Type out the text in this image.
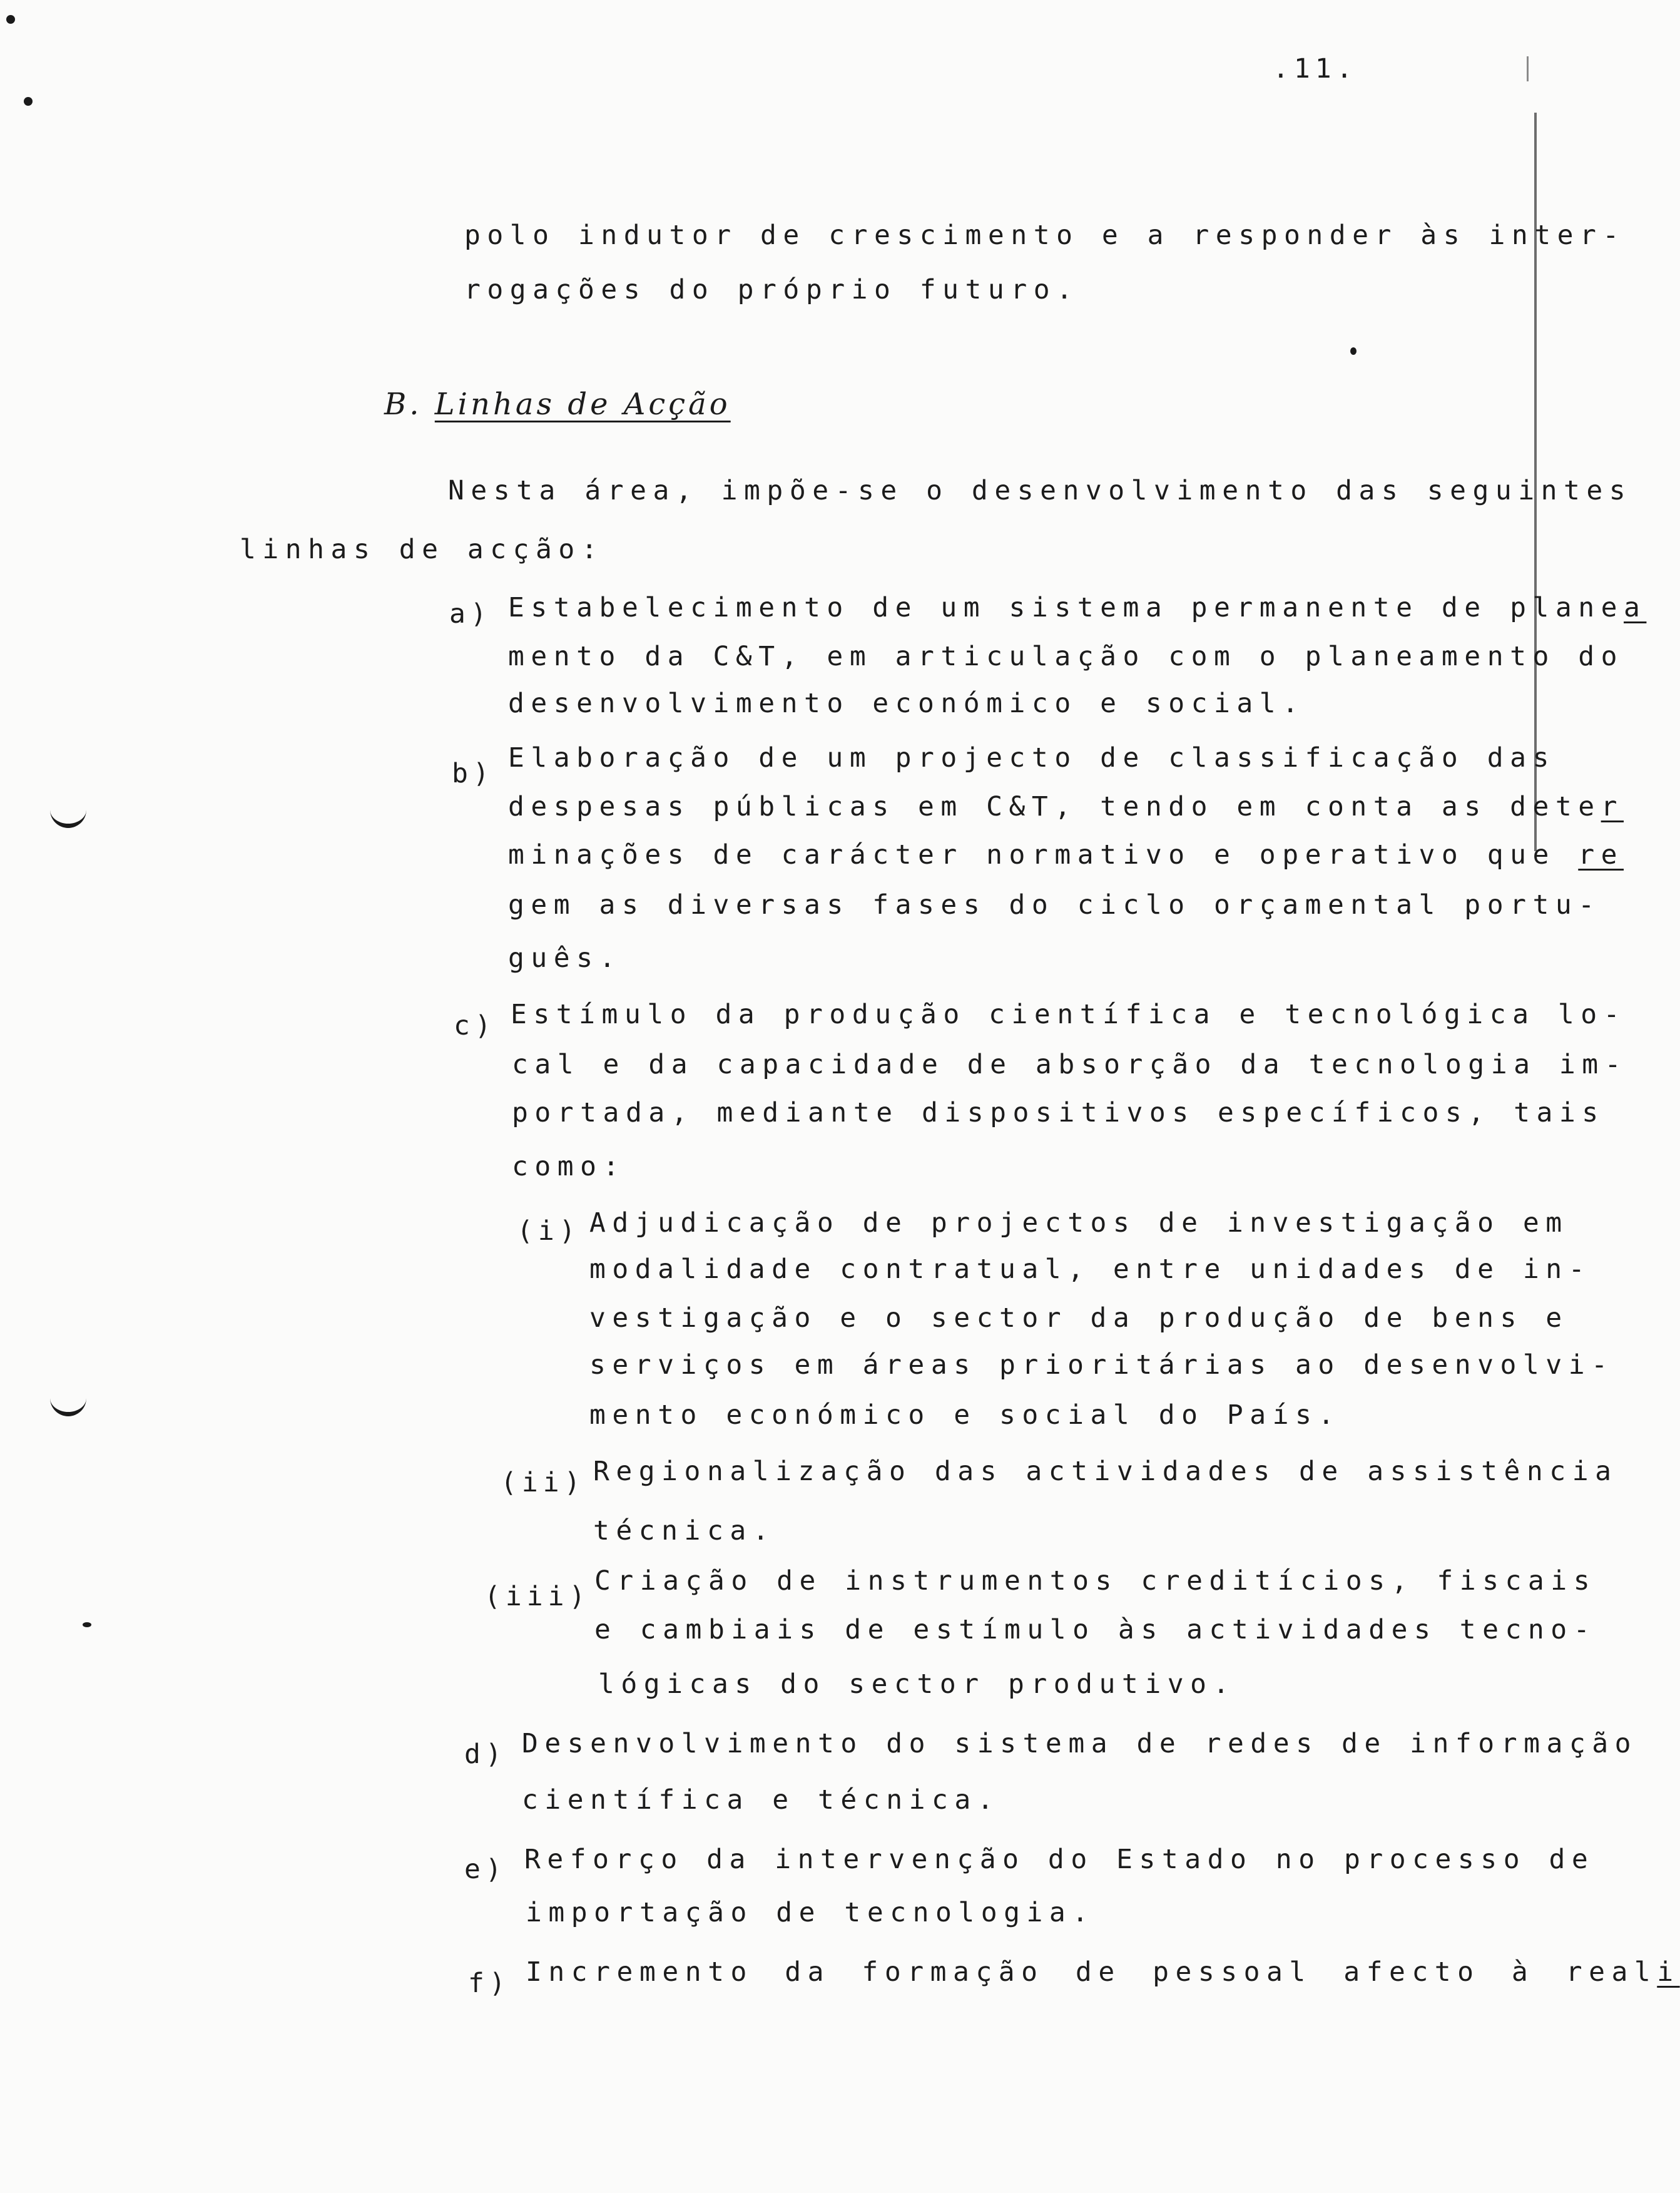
.11.
polo indutor de crescimento e a responder às inter-
rogações do próprio futuro.
B. Linhas de Acção
Nesta área, impõe-se o desenvolvimento das seguintes
linhas de acção:
a) Estabelecimento de um sistema permanente de planea
mento da C&T, em articulação com o planeamento do
desenvolvimento económico e social.
b) Elaboração de um projecto de classificação das
despesas públicas em C&T, tendo em conta as deter
minações de carácter normativo e operativo que re
gem as diversas fases do ciclo orçamental portu-
guês.
c) Estímulo da produção científica e tecnológica lo-
cal e da capacidade de absorção da tecnologia im-
portada, mediante dispositivos específicos, tais
como:
(i) Adjudicação de projectos de investigação em
modalidade contratual, entre unidades de in-
vestigação e o sector da produção de bens e
serviços em áreas prioritárias ao desenvolvi-
mento económico e social do País.
(ii) Regionalização das actividades de assistência
técnica.
(iii) Criação de instrumentos creditícios, fiscais
e cambiais de estímulo às actividades tecno-
lógicas do sector produtivo.
d) Desenvolvimento do sistema de redes de informação
científica e técnica.
e) Reforço da intervenção do Estado no processo de
importação de tecnologia.
f) Incremento da formação de pessoal afecto à reali
